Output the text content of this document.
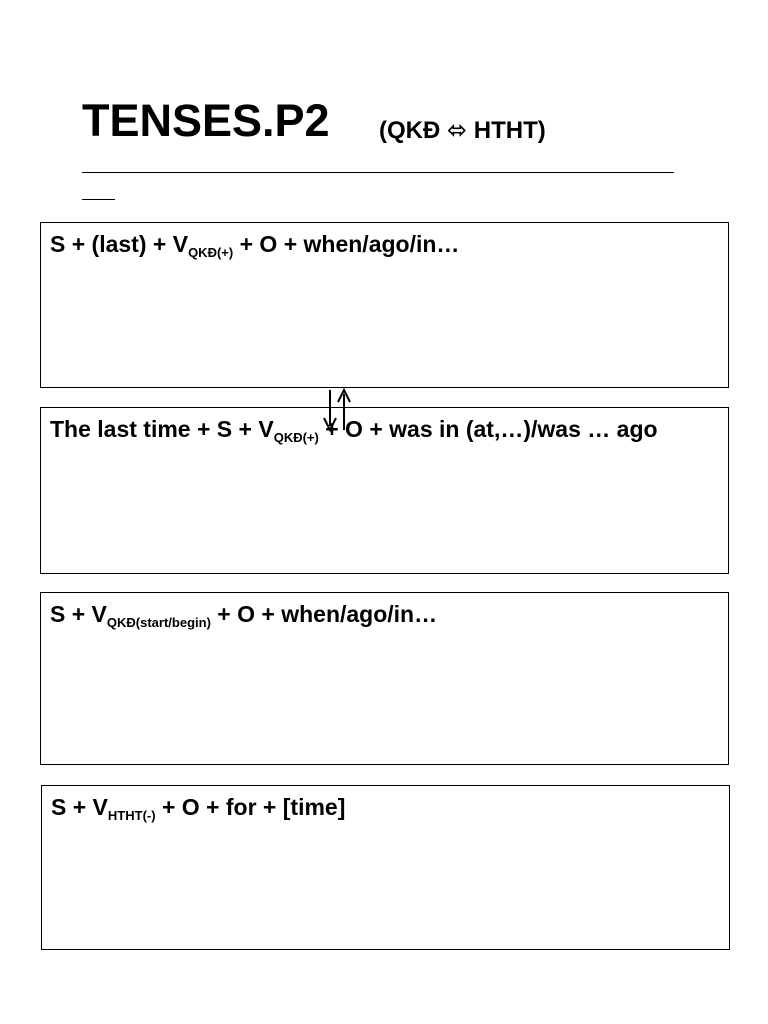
TENSES.P2 (QKĐ ⬄ HTHT)
S + (last) + $V_{QKĐ(+)} + O$ + when/ago/in…
The last time + $S + V_{QKĐ(+)} + O$ + was in (at,…)/was … ago
$S + V_{QKĐ(start/begin)} + O$ + when/ago/in…
$S + V_{HTHT(-)} + O$ + for + [time]
